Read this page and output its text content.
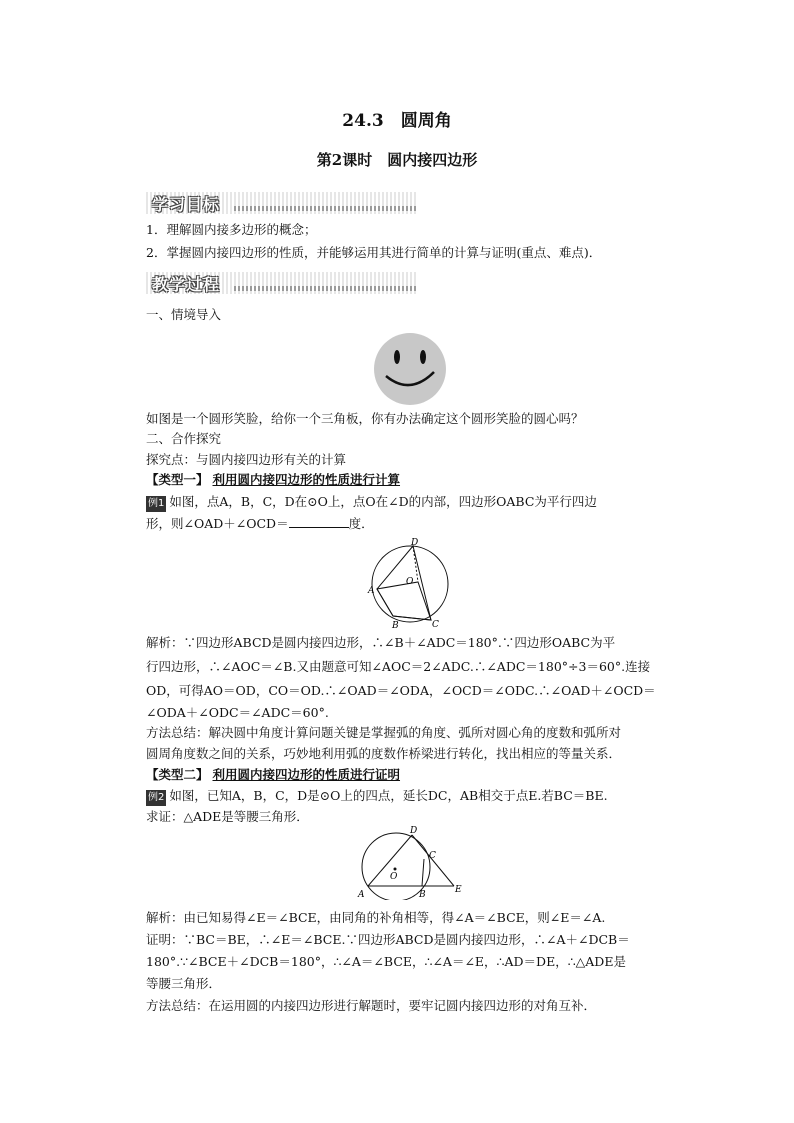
24.3　圆周角
第2课时　圆内接四边形
学习目标
1．理解圆内接多边形的概念；
2．掌握圆内接四边形的性质，并能够运用其进行简单的计算与证明(重点、难点)．
教学过程
一、情境导入
如图是一个圆形笑脸，给你一个三角板，你有办法确定这个圆形笑脸的圆心吗？
二、合作探究
探究点：与圆内接四边形有关的计算
【类型一】 利用圆内接四边形的性质进行计算
例1 如图，点A，B，C，D在⊙O上，点O在∠D的内部，四边形OABC为平行四边
形，则∠OAD＋∠OCD＝	度．
D
O
A
B	C
解析：∵四边形ABCD是圆内接四边形，∴∠B＋∠ADC＝180°.∵四边形OABC为平
行四边形，∴∠AOC＝∠B.又由题意可知∠AOC＝2∠ADC.∴∠ADC＝180°÷3＝60°.连接
OD，可得AO＝OD，CO＝OD.∴∠OAD＝∠ODA，∠OCD＝∠ODC.∴∠OAD＋∠OCD＝
∠ODA＋∠ODC＝∠ADC＝60°.
方法总结：解决圆中角度计算问题关键是掌握弧的角度、弧所对圆心角的度数和弧所对
圆周角度数之间的关系，巧妙地利用弧的度数作桥梁进行转化，找出相应的等量关系．
【类型二】 利用圆内接四边形的性质进行证明
例2 如图，已知A，B，C，D是⊙O上的四点，延长DC，AB相交于点E.若BC＝BE.
求证：△ADE是等腰三角形．
D
C
O
A	B	E
解析：由已知易得∠E＝∠BCE，由同角的补角相等，得∠A＝∠BCE，则∠E＝∠A.
证明：∵BC＝BE，∴∠E＝∠BCE.∵四边形ABCD是圆内接四边形，∴∠A＋∠DCB＝
180°.∵∠BCE＋∠DCB＝180°，∴∠A＝∠BCE，∴∠A＝∠E，∴AD＝DE，∴△ADE是
等腰三角形．
方法总结：在运用圆的内接四边形进行解题时，要牢记圆内接四边形的对角互补．
